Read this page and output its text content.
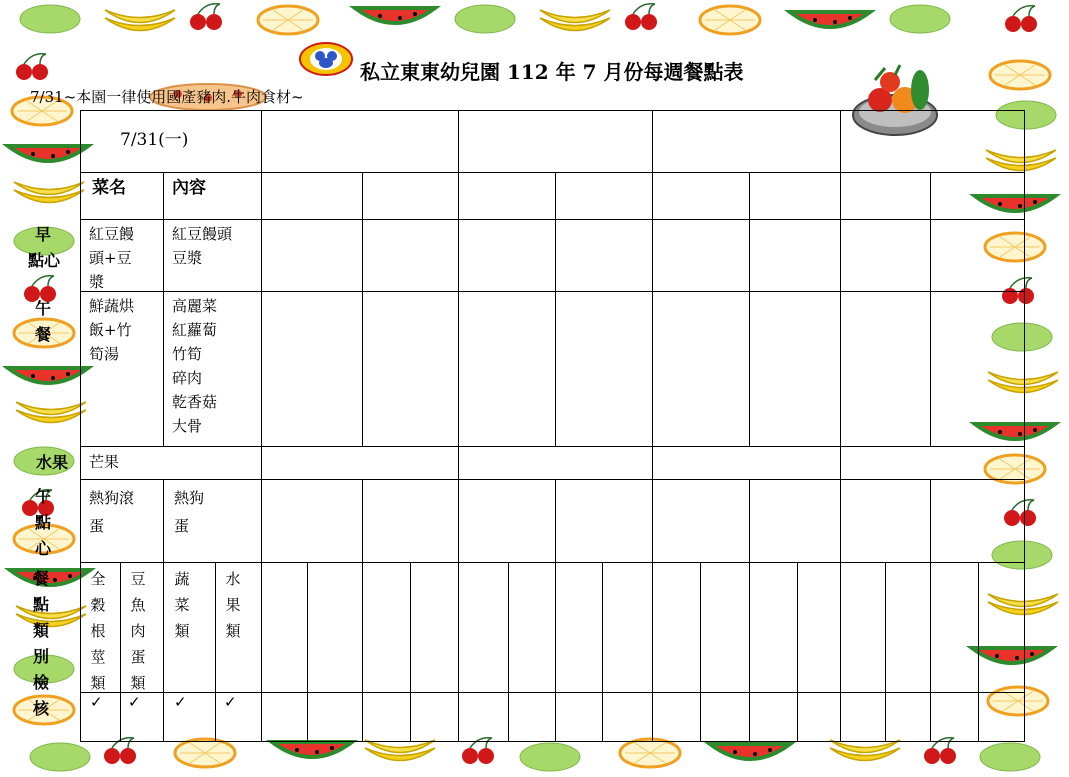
私立東東幼兒園 112 年 7 月份每週餐點表
7/31~本園一律使用國產豬肉.牛肉食材~
7/31(一)
菜名	內容
早
點心
午
餐
水果
午
點
心
餐
點
類
別
檢
核
紅豆饅
頭+豆
漿
紅豆饅頭
豆漿
鮮蔬烘
飯+竹
筍湯
高麗菜
紅蘿蔔
竹筍
碎肉
乾香菇
大骨
芒果
熱狗滾
蛋
熱狗
蛋
全
穀
根
莖
類
豆
魚
肉
蛋
類
蔬
菜
類
水
果
類
✓ ✓ ✓ ✓
